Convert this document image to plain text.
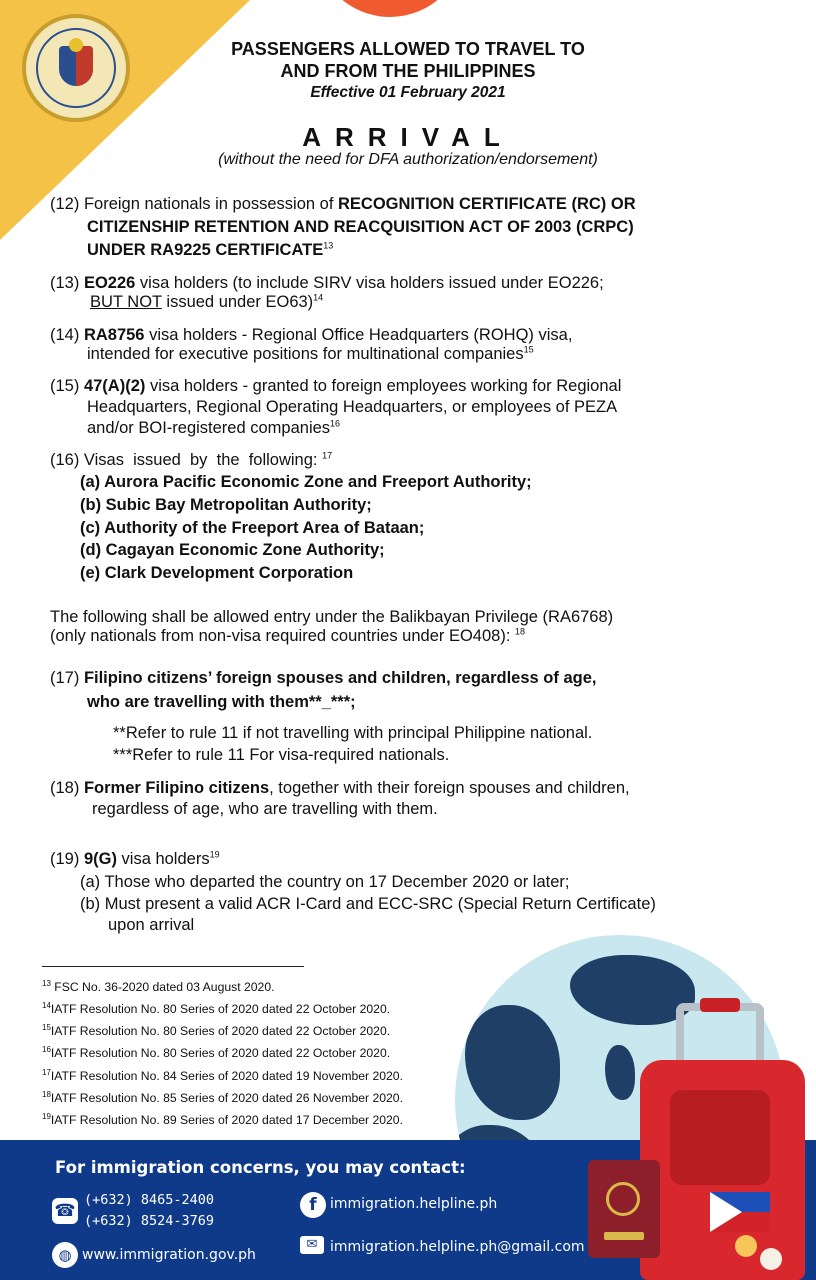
PASSENGERS ALLOWED TO TRAVEL TO
AND FROM THE PHILIPPINES
Effective 01 February 2021
ARRIVAL
(without the need for DFA authorization/endorsement)
(12) Foreign nationals in possession of RECOGNITION CERTIFICATE (RC) OR
CITIZENSHIP RETENTION AND REACQUISITION ACT OF 2003 (CRPC)
UNDER RA9225 CERTIFICATE$^{13}$
(13) EO226 visa holders (to include SIRV visa holders issued under EO226;
BUT NOT issued under EO63)$^{14}$
(14) RA8756 visa holders - Regional Office Headquarters (ROHQ) visa,
intended for executive positions for multinational companies$^{15}$
(15) 47(A)(2) visa holders - granted to foreign employees working for Regional
Headquarters, Regional Operating Headquarters, or employees of PEZA
and/or BOI-registered companies$^{16}$
(16) Visas  issued  by  the  following: $^{17}$
(a) Aurora Pacific Economic Zone and Freeport Authority;
(b) Subic Bay Metropolitan Authority;
(c) Authority of the Freeport Area of Bataan;
(d) Cagayan Economic Zone Authority;
(e) Clark Development Corporation
The following shall be allowed entry under the Balikbayan Privilege (RA6768)
(only nationals from non-visa required countries under EO408): $^{18}$
(17) Filipino citizens’ foreign spouses and children, regardless of age,
who are travelling with them**_***;
**Refer to rule 11 if not travelling with principal Philippine national.
***Refer to rule 11 For visa-required nationals.
(18) Former Filipino citizens, together with their foreign spouses and children,
regardless of age, who are travelling with them.
(19) 9(G) visa holders$^{19}$
(a) Those who departed the country on 17 December 2020 or later;
(b) Must present a valid ACR I-Card and ECC-SRC (Special Return Certificate)
upon arrival
$^{13}$ FSC No. 36-2020 dated 03 August 2020.
$^{14}$IATF Resolution No. 80 Series of 2020 dated 22 October 2020.
$^{15}$IATF Resolution No. 80 Series of 2020 dated 22 October 2020.
$^{16}$IATF Resolution No. 80 Series of 2020 dated 22 October 2020.
$^{17}$IATF Resolution No. 84 Series of 2020 dated 19 November 2020.
$^{18}$IATF Resolution No. 85 Series of 2020 dated 26 November 2020.
$^{19}$IATF Resolution No. 89 Series of 2020 dated 17 December 2020.
For immigration concerns, you may contact:
☎
(+632) 8465-2400
(+632) 8524-3769
f immigration.helpline.ph
◍ www.immigration.gov.ph
✉ immigration.helpline.ph@gmail.com
